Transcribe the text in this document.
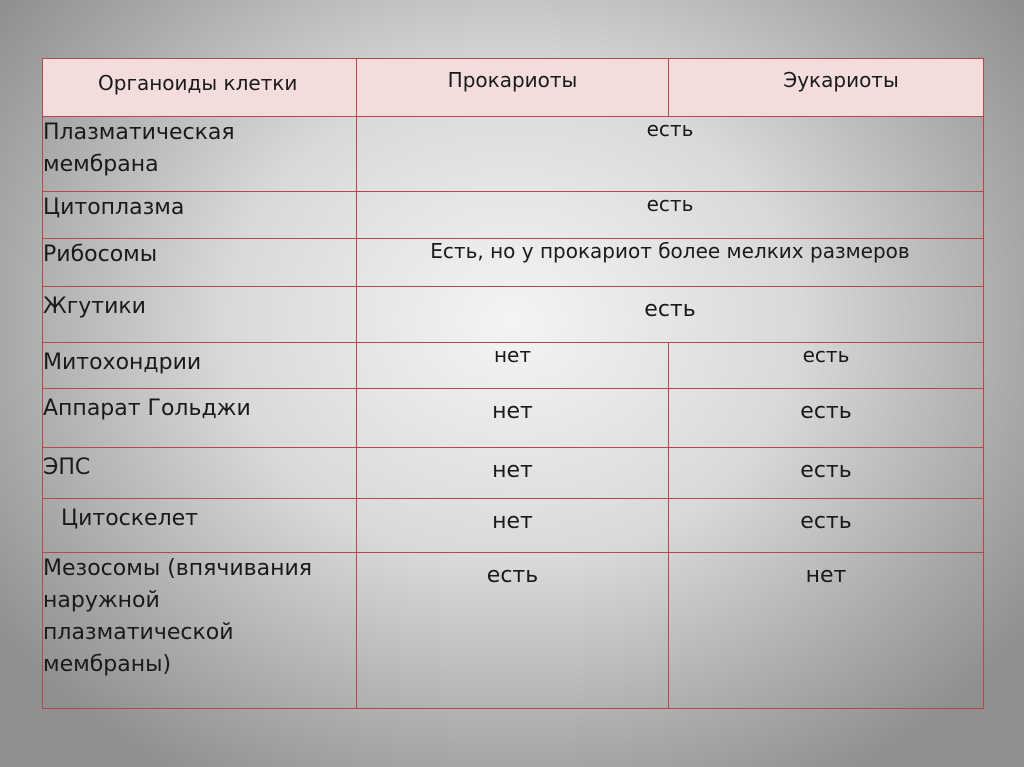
Органоиды клетки	Прокариоты	Эукариоты

Плазматическая мембрана	есть	
Цитоплазма	есть	
Рибосомы	Есть, но у прокариот более мелких размеров	
Жгутики	есть	
Митохондрии	нет	есть
Аппарат Гольджи	нет	есть
ЭПС	нет	есть
Цитоскелет	нет	есть
Мезосомы (впячивания наружной плазматической мембраны)	есть	нет
